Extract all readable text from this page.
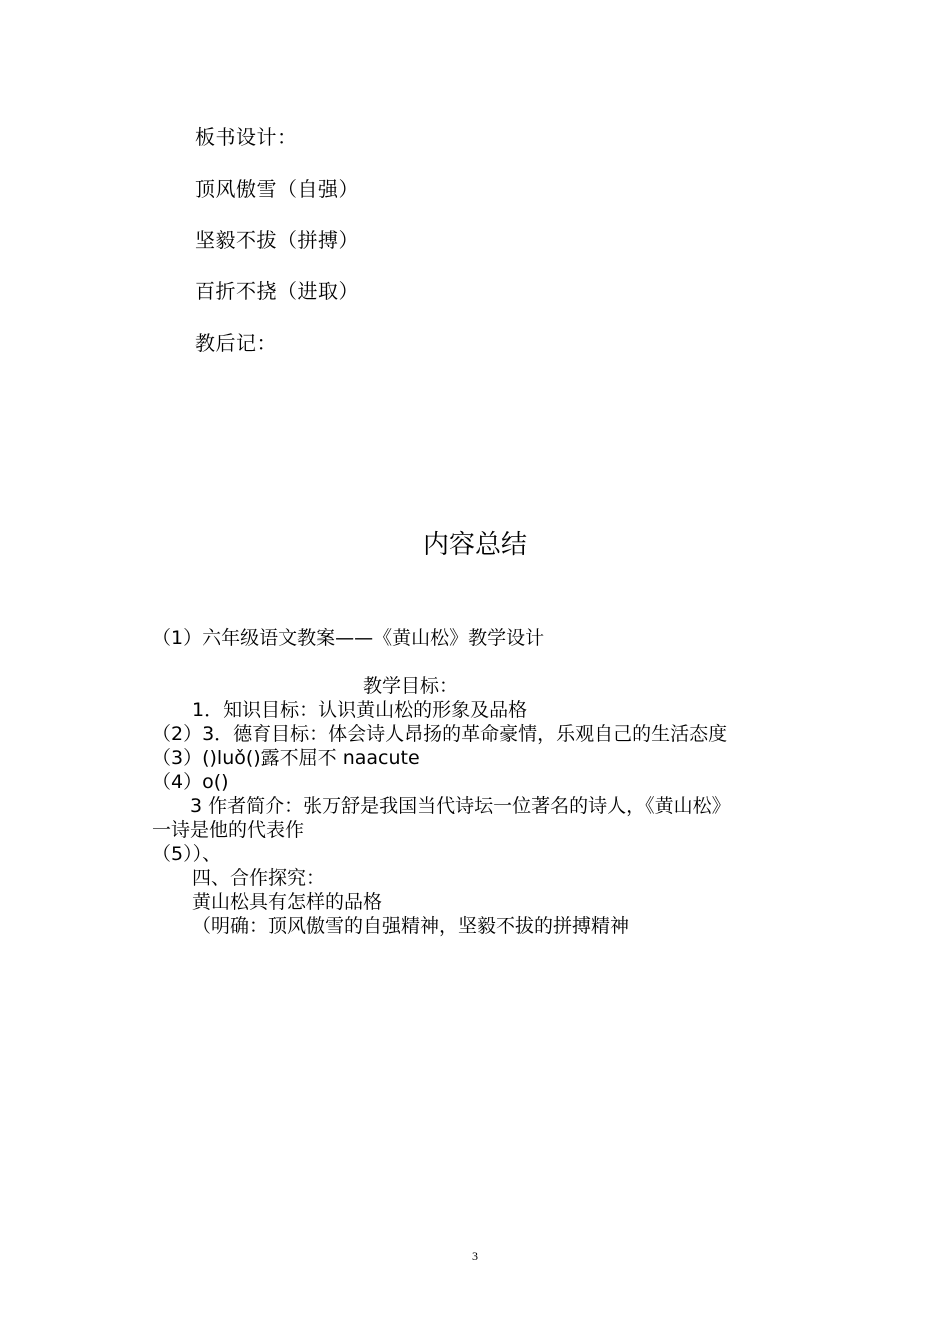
板书设计：
顶风傲雪（自强）
坚毅不拔（拼搏）
百折不挠（进取）
教后记：
内容总结
（1）六年级语文教案——《黄山松》教学设计
教学目标：
1．知识目标：认识黄山松的形象及品格
（2）3．德育目标：体会诗人昂扬的革命豪情，乐观自己的生活态度
（3）()luǒ()露不屈不 naacute
（4）o()
3 作者简介：张万舒是我国当代诗坛一位著名的诗人，《黄山松》
一诗是他的代表作
（5））、
四、合作探究：
黄山松具有怎样的品格
（明确：顶风傲雪的自强精神，坚毅不拔的拼搏精神
3
